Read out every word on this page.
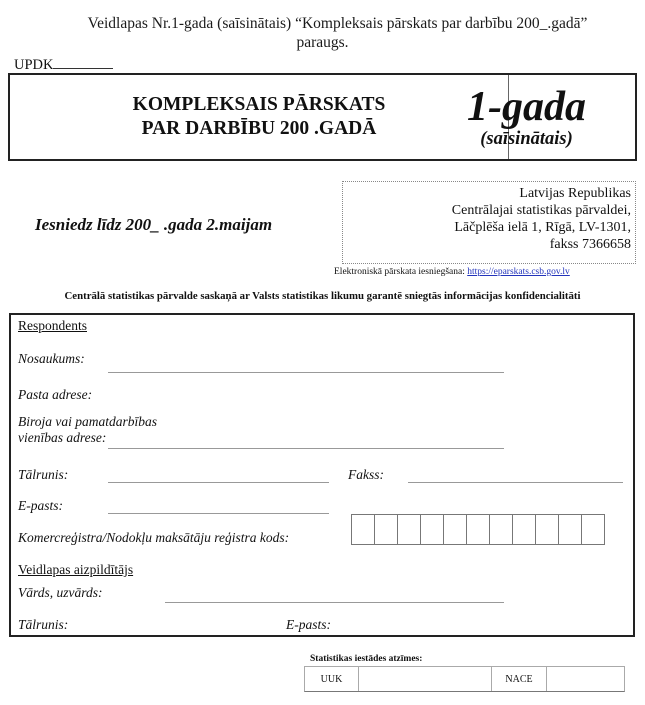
Veidlapas Nr.1-gada (saīsinātais) “Kompleksais pārskats par darbību 200_.gadā”
paraugs.
UPDK
KOMPLEKSAIS PĀRSKATS
PAR DARBĪBU 200 .GADĀ	1-gada
(saīsinātais)
Iesniedz līdz 200_ .gada 2.maijam
Latvijas Republikas
Centrālajai statistikas pārvaldei,
Lāčplēša ielā 1, Rīgā, LV-1301,
fakss 7366658
Elektroniskā pārskata iesniegšana: https://eparskats.csb.gov.lv
Centrālā statistikas pārvalde saskaņā ar Valsts statistikas likumu garantē sniegtās informācijas konfidencialitāti
Respondents
Nosaukums:
Pasta adrese:
Biroja vai pamatdarbības
vienības adrese:
Tālrunis:	Fakss:
E-pasts:
Komercreģistra/Nodokļu maksātāju reģistra kods:
Veidlapas aizpildītājs
Vārds, uzvārds:
Tālrunis:	E-pasts:
Statistikas iestādes atzīmes:
UUK	NACE
